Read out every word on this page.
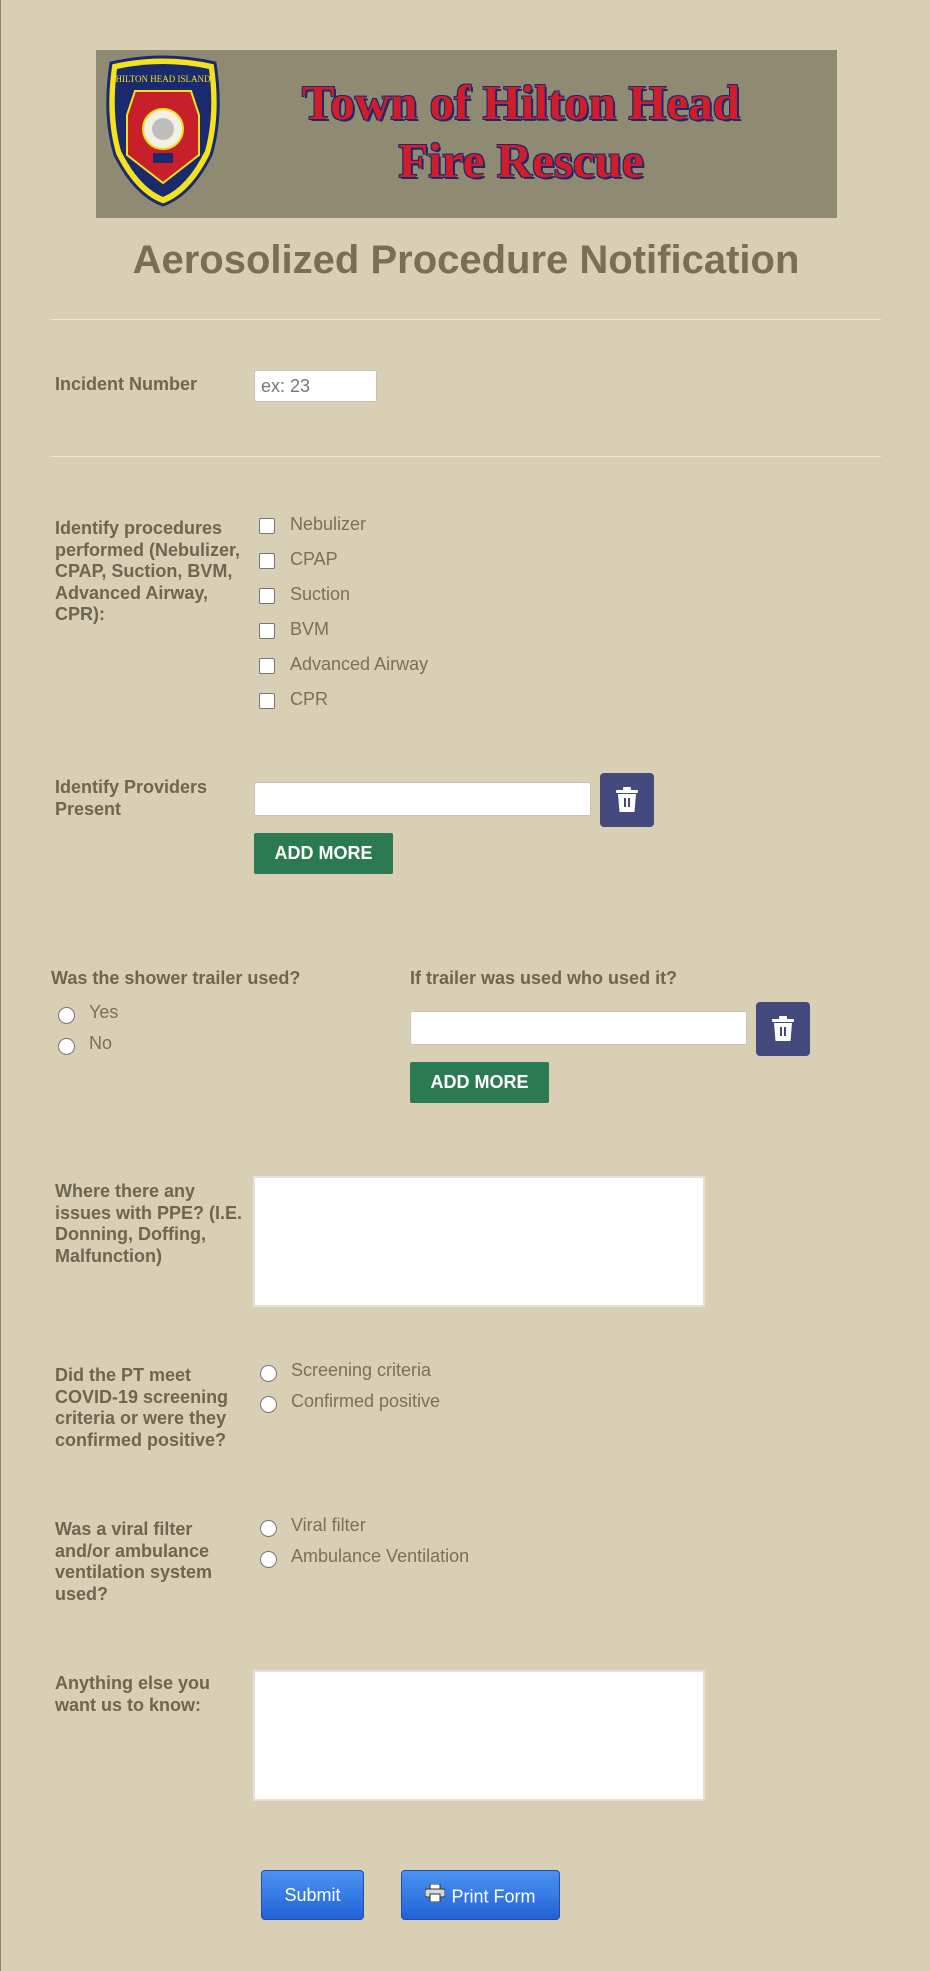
HILTON HEAD ISLAND	Town of Hilton Head
Fire Rescue
Aerosolized Procedure Notification
Incident Number
ex: 23
Identify procedures performed (Nebulizer, CPAP, Suction, BVM, Advanced Airway, CPR):
Nebulizer
CPAP
Suction
BVM
Advanced Airway
CPR
Identify Providers Present
ADD MORE
Was the shower trailer used?
Yes
No
If trailer was used who used it?
ADD MORE
Where there any issues with PPE? (I.E. Donning, Doffing, Malfunction)
Did the PT meet COVID-19 screening criteria or were they confirmed positive?
Screening criteria
Confirmed positive
Was a viral filter and/or ambulance ventilation system used?
Viral filter
Ambulance Ventilation
Anything else you want us to know:
Submit	Print Form
